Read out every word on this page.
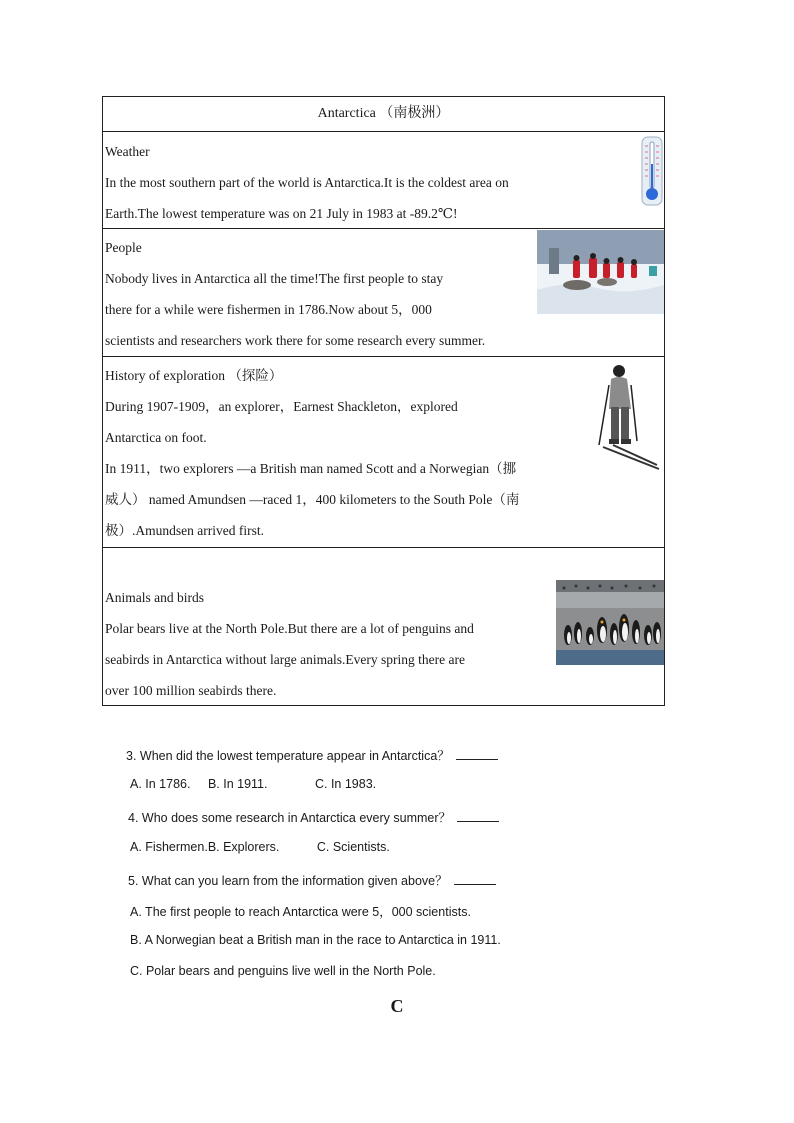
Antarctica （南极洲）
Weather
In the most southern part of the world is Antarctica.It is the coldest area on
Earth.The lowest temperature was on 21 July in 1983 at -89.2℃!
People
Nobody lives in Antarctica all the time!The first people to stay
there for a while were fishermen in 1786.Now about 5，000
scientists and researchers work there for some research every summer.
History of exploration （探险）
During 1907-1909，an explorer，Earnest Shackleton，explored
Antarctica on foot.
In 1911，two explorers —a British man named Scott and a Norwegian（挪
威人） named Amundsen —raced 1，400 kilometers to the South Pole（南
极）.Amundsen arrived first.
Animals and birds
Polar bears live at the North Pole.But there are a lot of penguins and
seabirds in Antarctica without large animals.Every spring there are
over 100 million seabirds there.
3. When did the lowest temperature appear in Antarctica？
A. In 1786. B. In 1911.	C. In 1983.
4. Who does some research in Antarctica every summer？
A. Fishermen.B. Explorers.	C. Scientists.
5. What can you learn from the information given above？
A. The first people to reach Antarctica were 5，000 scientists.
B. A Norwegian beat a British man in the race to Antarctica in 1911.
C. Polar bears and penguins live well in the North Pole.
C
